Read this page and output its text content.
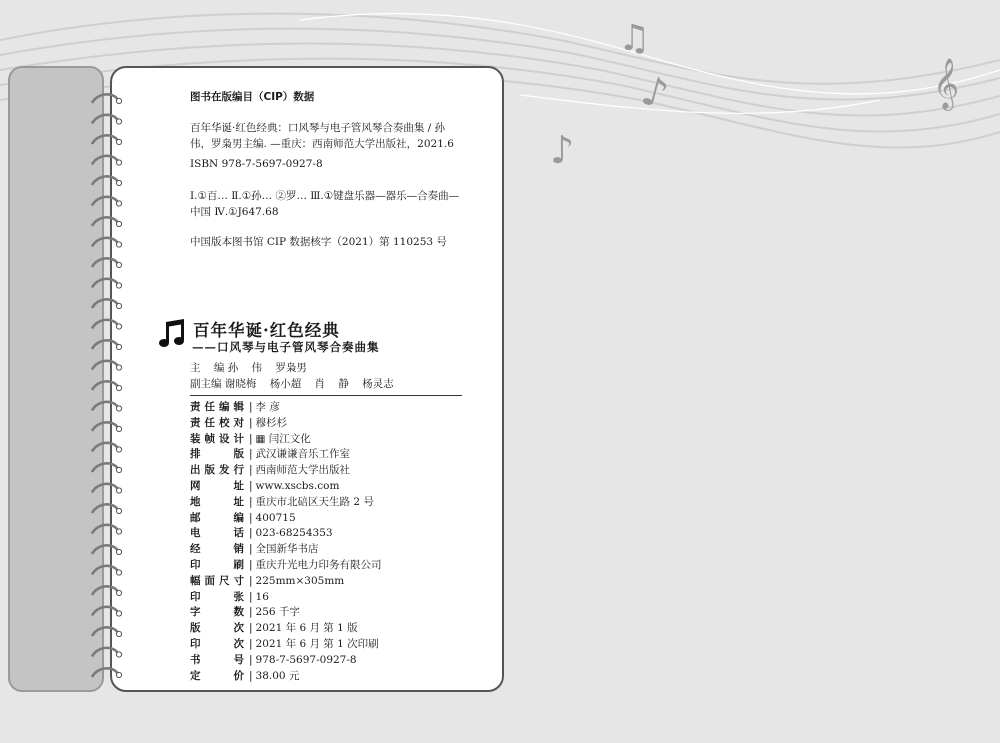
♫
♪
♪
𝄞
图书在版编目（CIP）数据
百年华诞·红色经典：口风琴与电子管风琴合奏曲集 / 孙伟，罗枭男主编. —重庆：西南师范大学出版社，2021.6
ISBN 978-7-5697-0927-8
Ⅰ.①百… Ⅱ.①孙… ②罗… Ⅲ.①键盘乐器—器乐—合奏曲—中国 Ⅳ.①J647.68
中国版本图书馆 CIP 数据核字（2021）第 110253 号
百年华诞·红色经典
——口风琴与电子管风琴合奏曲集
主    编 孙    伟    罗枭男
副主编 谢晓梅    杨小超    肖    静    杨灵志
责任编辑 | 李 彦
责任校对 | 穆杉杉
装帧设计 | ▦ 闫江文化
排版 | 武汉谦谦音乐工作室
出版发行 | 西南师范大学出版社
网址 | www.xscbs.com
地址 | 重庆市北碚区天生路 2 号
邮编 | 400715
电话 | 023-68254353
经销 | 全国新华书店
印刷 | 重庆升光电力印务有限公司
幅面尺寸 | 225mm×305mm
印张 | 16
字数 | 256 千字
版次 | 2021 年 6 月 第 1 版
印次 | 2021 年 6 月 第 1 次印刷
书号 | 978-7-5697-0927-8
定价 | 38.00 元
